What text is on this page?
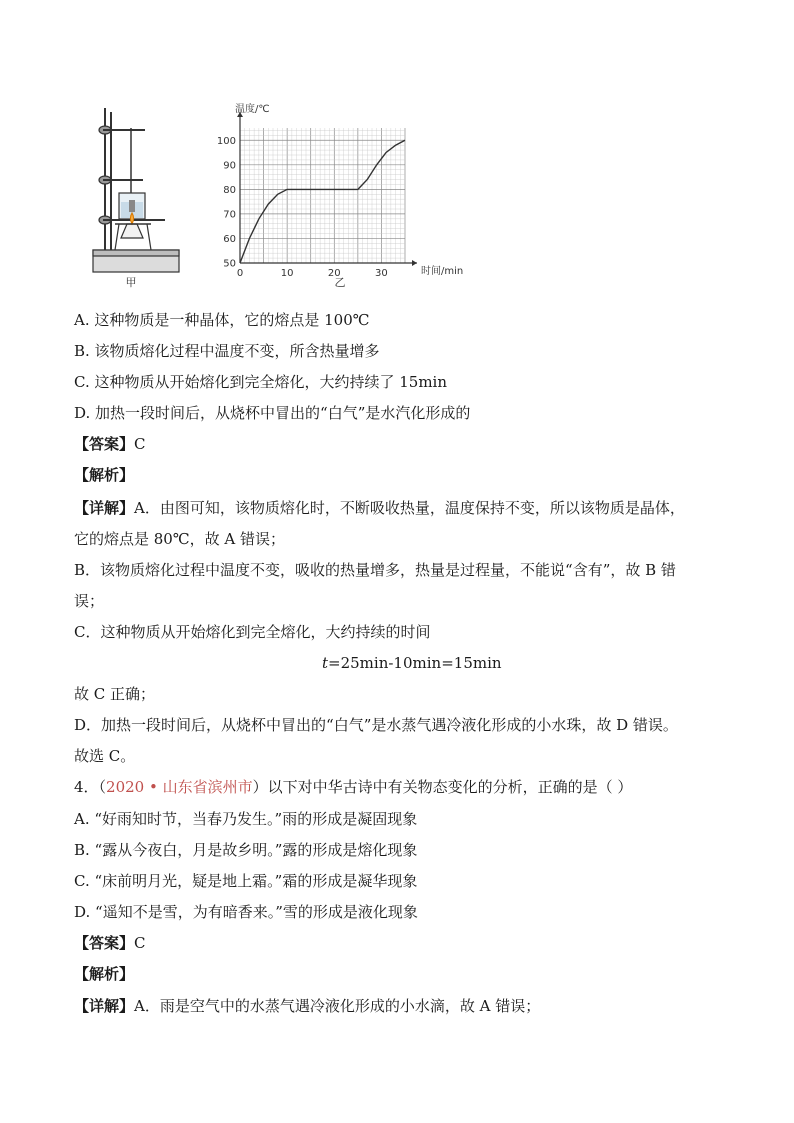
甲
0	10	20	30
50
60
70
80
90
100
温度/℃
时间/min
乙
A. 这种物质是一种晶体，它的熔点是 100℃
B. 该物质熔化过程中温度不变，所含热量增多
C. 这种物质从开始熔化到完全熔化，大约持续了 15min
D. 加热一段时间后，从烧杯中冒出的“白气”是水汽化形成的
【答案】C
【解析】
【详解】A．由图可知，该物质熔化时，不断吸收热量，温度保持不变，所以该物质是晶体，
它的熔点是 80℃，故 A 错误；
B．该物质熔化过程中温度不变，吸收的热量增多，热量是过程量，不能说“含有”，故 B 错
误；
C．这种物质从开始熔化到完全熔化，大约持续的时间
t=25min-10min=15min
故 C 正确；
D．加热一段时间后，从烧杯中冒出的“白气”是水蒸气遇冷液化形成的小水珠，故 D 错误。
故选 C。
4．（2020 • 山东省滨州市）以下对中华古诗中有关物态变化的分析，正确的是（ ）
A. “好雨知时节，当春乃发生。”雨的形成是凝固现象
B. “露从今夜白，月是故乡明。”露的形成是熔化现象
C. “床前明月光，疑是地上霜。”霜的形成是凝华现象
D. “遥知不是雪，为有暗香来。”雪的形成是液化现象
【答案】C
【解析】
【详解】A．雨是空气中的水蒸气遇冷液化形成的小水滴，故 A 错误；
